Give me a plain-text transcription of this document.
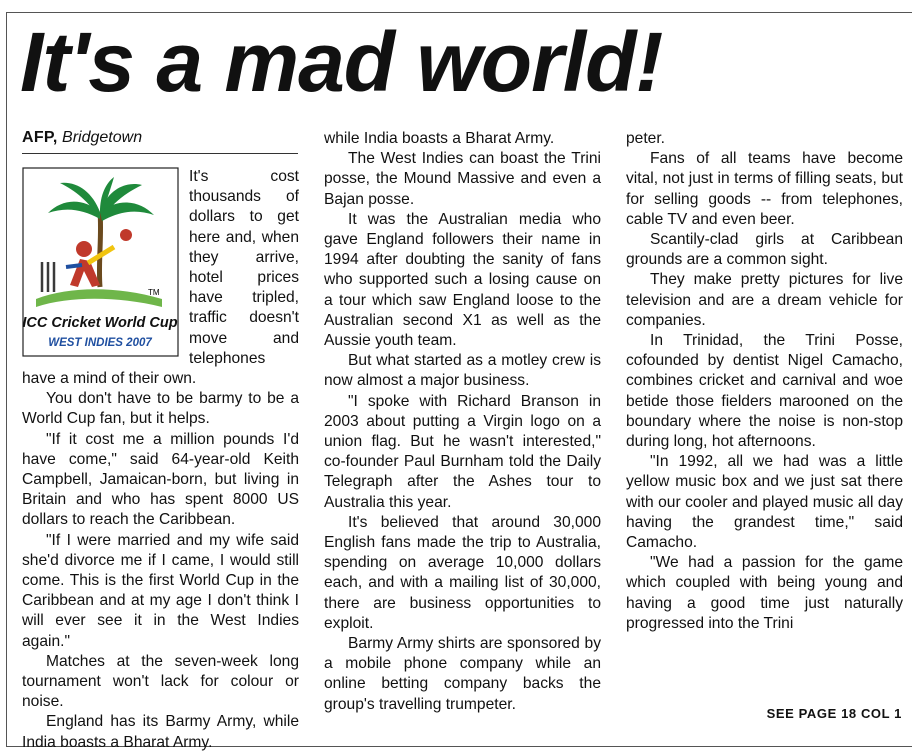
It's a mad world!
AFP, Bridgetown
TM
ICC Cricket World Cup
WEST INDIES 2007

It's cost thousands of dollars to get here and, when they arrive, hotel prices have tripled, traffic doesn't move and telephones have a mind of their own.

You don't have to be barmy to be a World Cup fan, but it helps.

"If it cost me a million pounds I'd have come," said 64-year-old Keith Campbell, Jamaican-born, but living in Britain and who has spent 8000 US dollars to reach the Caribbean.

"If I were married and my wife said she'd divorce me if I came, I would still come. This is the first World Cup in the Caribbean and at my age I don't think I will ever see it in the West Indies again."

Matches at the seven-week long tournament won't lack for colour or noise.

England has its Barmy Army, while India boasts a Bharat Army.

while India boasts a Bharat Army.

The West Indies can boast the Trini posse, the Mound Massive and even a Bajan posse.

It was the Australian media who gave England followers their name in 1994 after doubting the sanity of fans who supported such a losing cause on a tour which saw England loose to the Australian second X1 as well as the Aussie youth team.

But what started as a motley crew is now almost a major business.

"I spoke with Richard Branson in 2003 about putting a Virgin logo on a union flag. But he wasn't interested," co-founder Paul Burnham told the Daily Telegraph after the Ashes tour to Australia this year.

It's believed that around 30,000 English fans made the trip to Australia, spending on average 10,000 dollars each, and with a mailing list of 30,000, there are business opportunities to exploit.

Barmy Army shirts are sponsored by a mobile phone company while an online betting company backs the group's travelling trumpeter.

peter.

Fans of all teams have become vital, not just in terms of filling seats, but for selling goods -- from telephones, cable TV and even beer.

Scantily-clad girls at Caribbean grounds are a common sight.

They make pretty pictures for live television and are a dream vehicle for companies.

In Trinidad, the Trini Posse, cofounded by dentist Nigel Camacho, combines cricket and carnival and woe betide those fielders marooned on the boundary where the noise is non-stop during long, hot afternoons.

"In 1992, all we had was a little yellow music box and we just sat there with our cooler and played music all day having the grandest time," said Camacho.

"We had a passion for the game which coupled with being young and having a good time just naturally progressed into the Trini

SEE PAGE 18 COL 1
